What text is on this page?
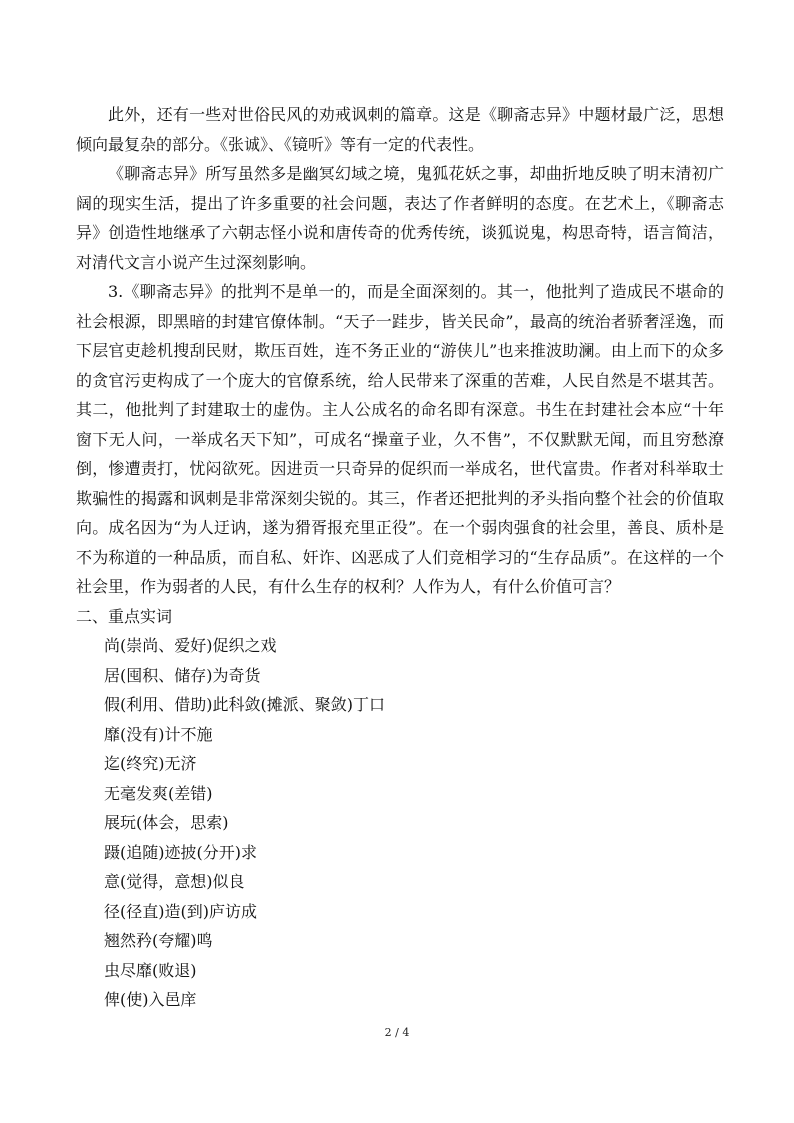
此外，还有一些对世俗民风的劝戒讽刺的篇章。这是《聊斋志异》中题材最广泛，思想倾向最复杂的部分。《张诚》、《镜听》等有一定的代表性。

《聊斋志异》所写虽然多是幽冥幻域之境，鬼狐花妖之事，却曲折地反映了明末清初广阔的现实生活，提出了许多重要的社会问题，表达了作者鲜明的态度。在艺术上，《聊斋志异》创造性地继承了六朝志怪小说和唐传奇的优秀传统，谈狐说鬼，构思奇特，语言简洁，对清代文言小说产生过深刻影响。

3.《聊斋志异》的批判不是单一的，而是全面深刻的。其一，他批判了造成民不堪命的社会根源，即黑暗的封建官僚体制。“天子一跬步，皆关民命”，最高的统治者骄奢淫逸，而下层官吏趁机搜刮民财，欺压百姓，连不务正业的“游侠儿”也来推波助澜。由上而下的众多的贪官污吏构成了一个庞大的官僚系统，给人民带来了深重的苦难，人民自然是不堪其苦。其二，他批判了封建取士的虚伪。主人公成名的命名即有深意。书生在封建社会本应“十年窗下无人问，一举成名天下知”，可成名“操童子业，久不售”，不仅默默无闻，而且穷愁潦倒，惨遭责打，忧闷欲死。因进贡一只奇异的促织而一举成名，世代富贵。作者对科举取士欺骗性的揭露和讽刺是非常深刻尖锐的。其三，作者还把批判的矛头指向整个社会的价值取向。成名因为“为人迂讷，遂为猾胥报充里正役”。在一个弱肉强食的社会里，善良、质朴是不为称道的一种品质，而自私、奸诈、凶恶成了人们竞相学习的“生存品质”。在这样的一个社会里，作为弱者的人民，有什么生存的权利？人作为人，有什么价值可言？

二、重点实词

尚(崇尚、爱好)促织之戏
居(囤积、储存)为奇货
假(利用、借助)此科敛(摊派、聚敛)丁口
靡(没有)计不施
迄(终究)无济
无毫发爽(差错)
展玩(体会，思索)
蹑(追随)迹披(分开)求
意(觉得，意想)似良
径(径直)造(到)庐访成
翘然矜(夸耀)鸣
虫尽靡(败退)
俾(使)入邑庠
2 / 4
